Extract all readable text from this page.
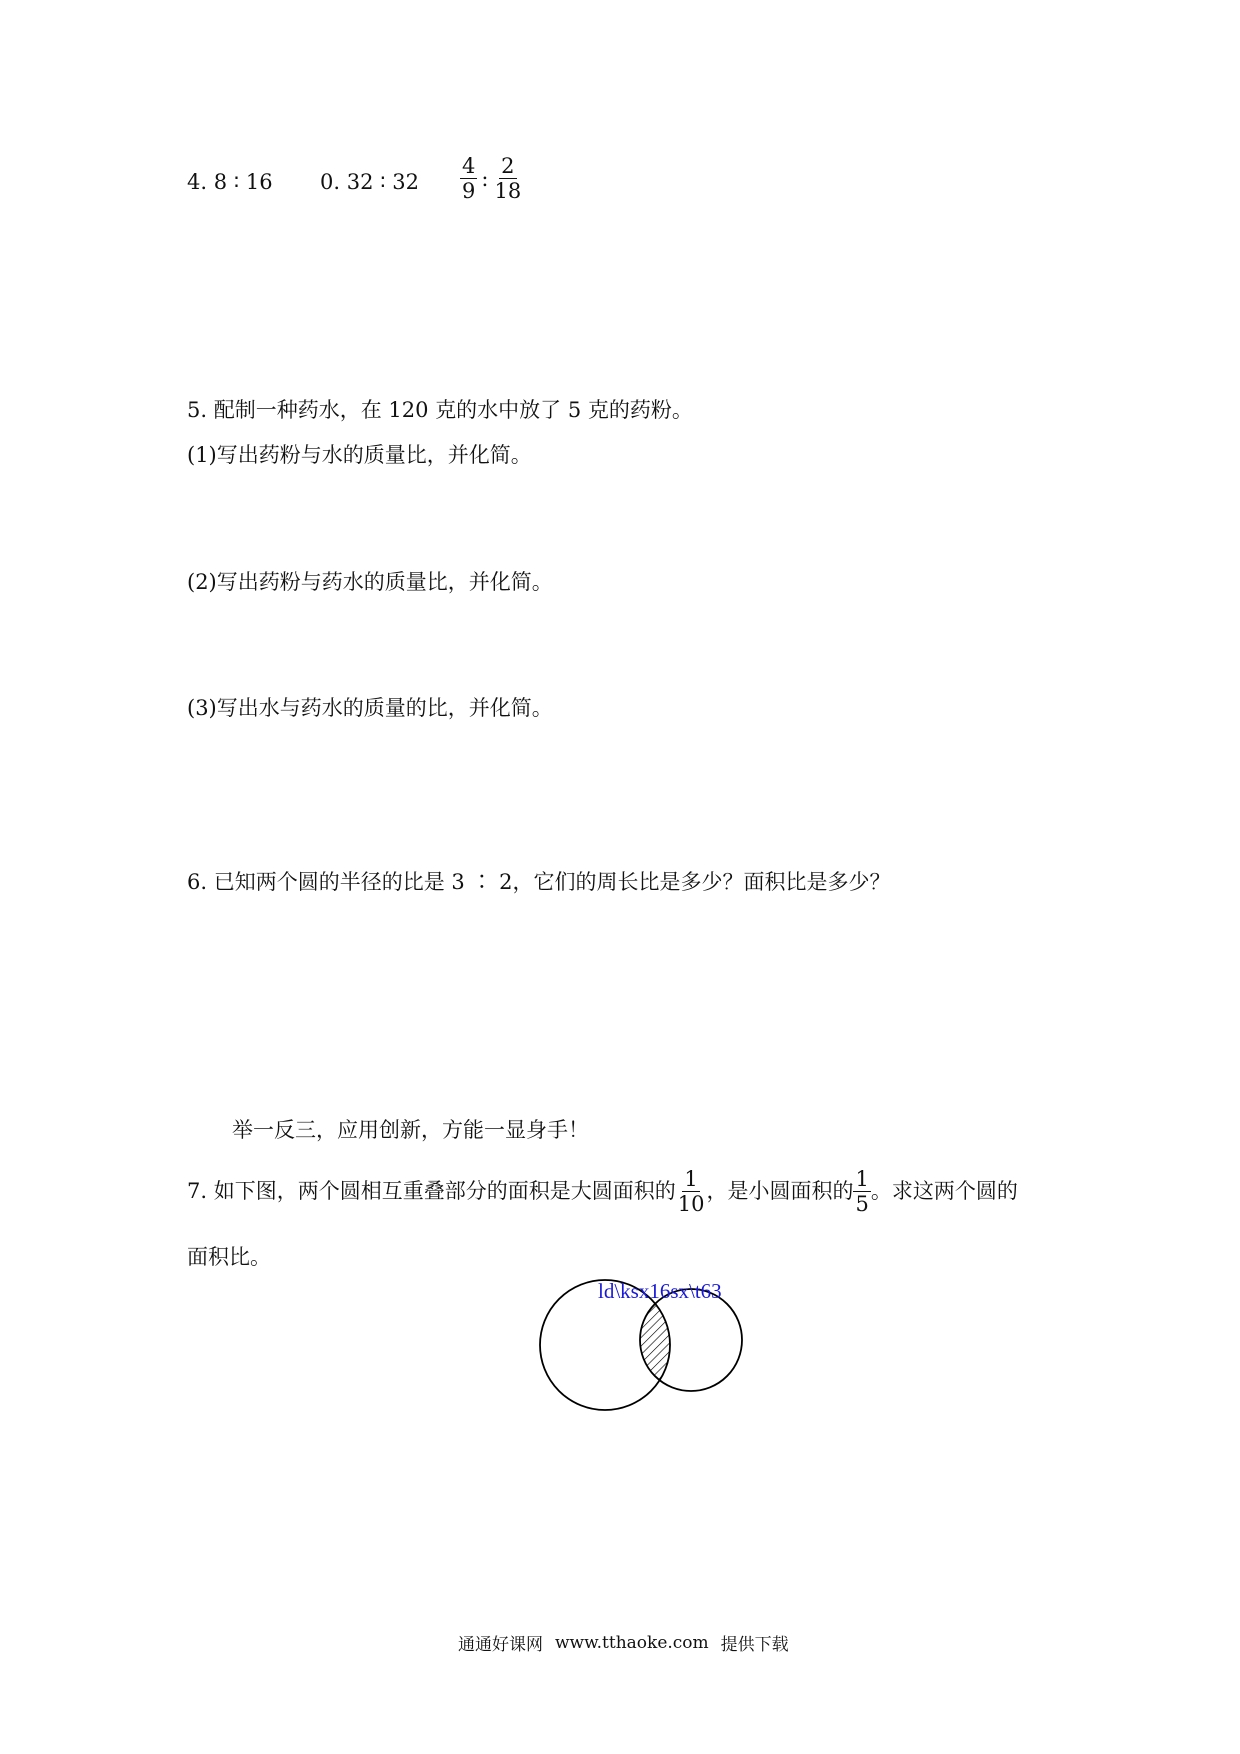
4. 8 ∶ 16 0. 32 ∶ $32 \frac{4}{9}$ : $\frac{2}{18}$
5. 配制一种药水，在 120 克的水中放了 5 克的药粉。
(1)写出药粉与水的质量比，并化简。
(2)写出药粉与药水的质量比，并化简。
(3)写出水与药水的质量的比，并化简。
6. 已知两个圆的半径的比是 3 ∶ 2，它们的周长比是多少？面积比是多少？
举一反三，应用创新，方能一显身手！
7. 如下图，两个圆相互重叠部分的面积是大圆面积的 $\frac{1}{10}$ ，是小圆面积的 $\frac{1}{5}$ 。求这两个圆的
面积比。
ld\ksx16sx\t63
通通好课网 www.tthaoke.com 提供下载
